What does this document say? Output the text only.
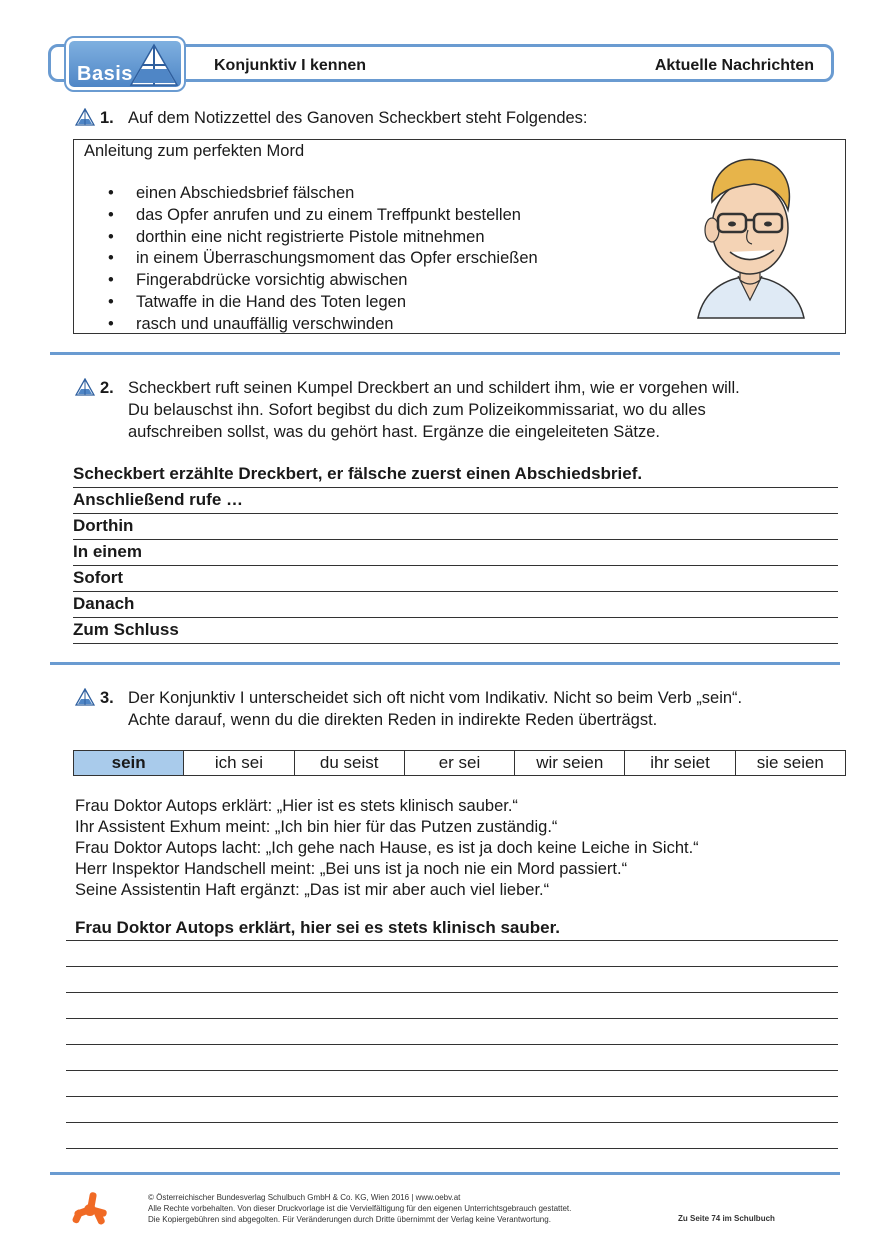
Basis	Konjunktiv I kennen	Aktuelle Nachrichten
1. Auf dem Notizzettel des Ganoven Scheckbert steht Folgendes:
Anleitung zum perfekten Mord
• einen Abschiedsbrief fälschen
• das Opfer anrufen und zu einem Treffpunkt bestellen
• dorthin eine nicht registrierte Pistole mitnehmen
• in einem Überraschungsmoment das Opfer erschießen
• Fingerabdrücke vorsichtig abwischen
• Tatwaffe in die Hand des Toten legen
• rasch und unauffällig verschwinden
2. Scheckbert ruft seinen Kumpel Dreckbert an und schildert ihm, wie er vorgehen will.
Du belauschst ihn. Sofort begibst du dich zum Polizeikommissariat, wo du alles
aufschreiben sollst, was du gehört hast. Ergänze die eingeleiteten Sätze.
Scheckbert erzählte Dreckbert, er fälsche zuerst einen Abschiedsbrief.
Anschließend rufe …
Dorthin
In einem
Sofort
Danach
Zum Schluss
3. Der Konjunktiv I unterscheidet sich oft nicht vom Indikativ. Nicht so beim Verb „sein“.
Achte darauf, wenn du die direkten Reden in indirekte Reden überträgst.
sein	ich sei	du seist	er sei	wir seien	ihr seiet	sie seien
Frau Doktor Autops erklärt: „Hier ist es stets klinisch sauber.“
Ihr Assistent Exhum meint: „Ich bin hier für das Putzen zuständig.“
Frau Doktor Autops lacht: „Ich gehe nach Hause, es ist ja doch keine Leiche in Sicht.“
Herr Inspektor Handschell meint: „Bei uns ist ja noch nie ein Mord passiert.“
Seine Assistentin Haft ergänzt: „Das ist mir aber auch viel lieber.“
Frau Doktor Autops erklärt, hier sei es stets klinisch sauber.
© Österreichischer Bundesverlag Schulbuch GmbH & Co. KG, Wien 2016 | www.oebv.at
Alle Rechte vorbehalten. Von dieser Druckvorlage ist die Vervielfältigung für den eigenen Unterrichtsgebrauch gestattet.
Die Kopiergebühren sind abgegolten. Für Veränderungen durch Dritte übernimmt der Verlag keine Verantwortung.	Zu Seite 74 im Schulbuch
